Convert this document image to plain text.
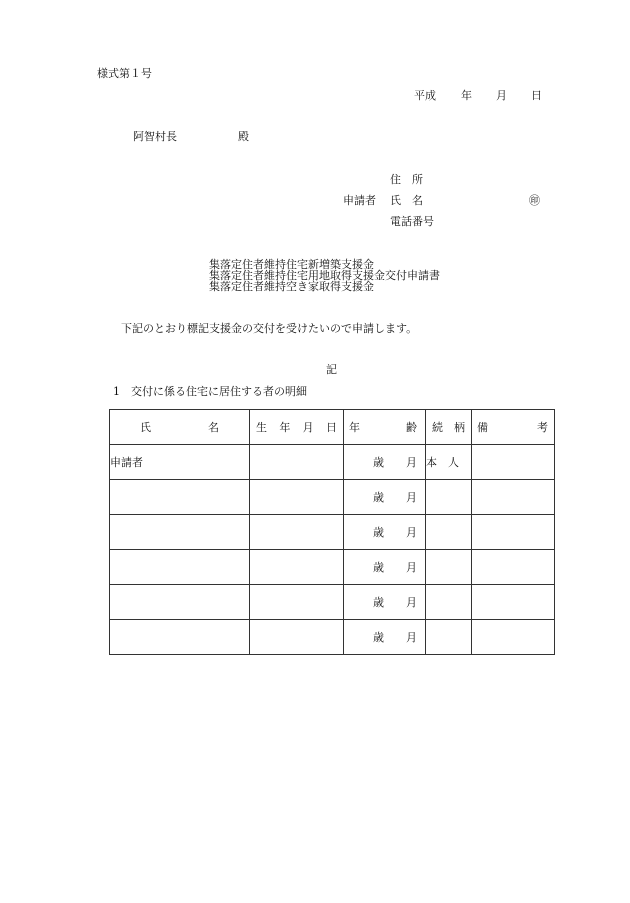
様式第１号
平成 年 月 日
阿智村長	殿
住　所
申請者 氏　名	㊞
電話番号
集落定住者維持住宅新増築支援金
集落定住者維持住宅用地取得支援金交付申請書
集落定住者維持空き家取得支援金
下記のとおり標記支援金の交付を受けたいので申請します。
記
1　交付に係る住宅に居住する者の明細
氏 名	生 年 月 日	年 齢	続 柄	備 考

申請者		歳 月	本　人	

		歳 月		

		歳 月		

		歳 月		

		歳 月		

		歳 月		
